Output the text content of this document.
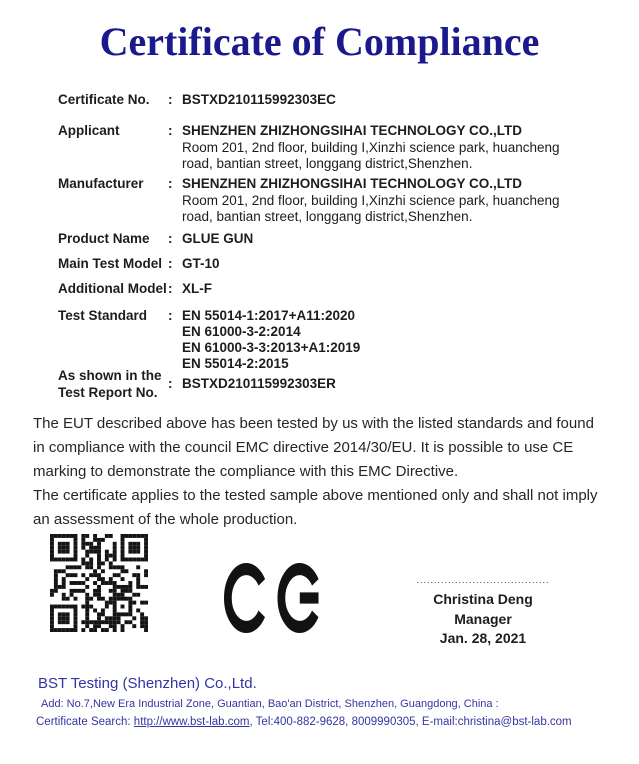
Certificate of Compliance
Certificate No.	: BSTXD210115992303EC
Applicant	: SHENZHEN ZHIZHONGSIHAI TECHNOLOGY CO.,LTD
Room 201, 2nd floor, building I,Xinzhi science park, huancheng
road, bantian street, longgang district,Shenzhen.
Manufacturer	: SHENZHEN ZHIZHONGSIHAI TECHNOLOGY CO.,LTD
Room 201, 2nd floor, building I,Xinzhi science park, huancheng
road, bantian street, longgang district,Shenzhen.
Product Name	: GLUE GUN
Main Test Model : GT-10
Additional Model : XL-F
Test Standard	: EN 55014-1:2017+A11:2020
EN 61000-3-2:2014
EN 61000-3-3:2013+A1:2019
EN 55014-2:2015
As shown in the
Test Report No.
: BSTXD210115992303ER
The EUT described above has been tested by us with the listed standards and found
in compliance with the council EMC directive 2014/30/EU. It is possible to use CE
marking to demonstrate the compliance with this EMC Directive.
The certificate applies to the tested sample above mentioned only and shall not imply
an assessment of the whole production.
......................................
Christina Deng
Manager
Jan. 28, 2021
BST Testing (Shenzhen) Co.,Ltd.
Add: No.7,New Era Industrial Zone, Guantian, Bao'an District, Shenzhen, Guangdong, China :
Certificate Search: http://www.bst-lab.com, Tel:400-882-9628, 8009990305, E-mail:christina@bst-lab.com
